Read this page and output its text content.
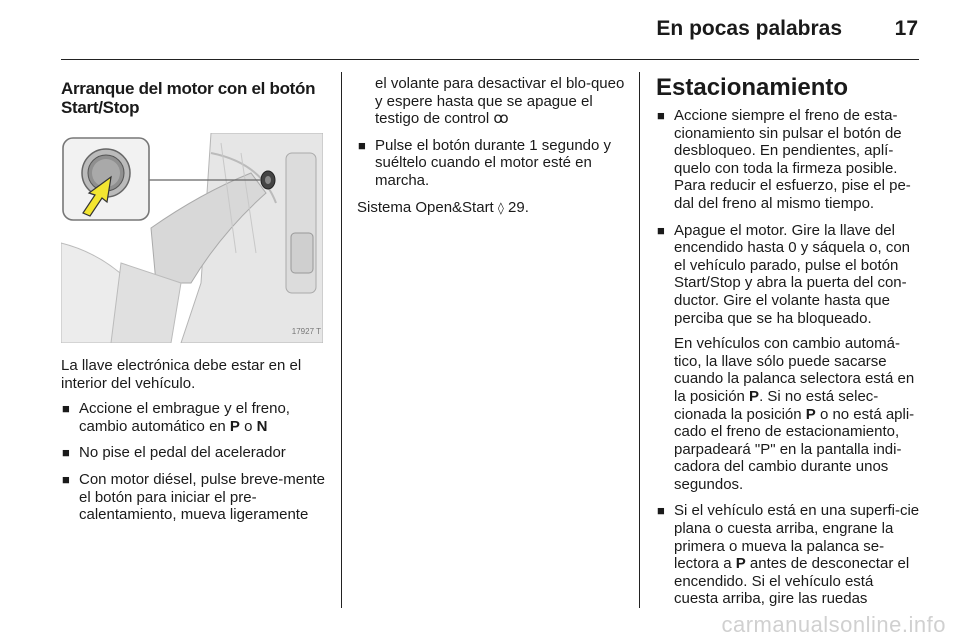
En pocas palabras	17
Arranque del motor con el botón Start/Stop
17927 T

La llave electrónica debe estar en el interior del vehículo.

■ Accione el embrague y el freno, cambio automático en P o N
■ No pise el pedal del acelerador
■ Con motor diésel, pulse breve-mente el botón para iniciar el pre-calentamiento, mueva ligeramente

el volante para desactivar el blo-queo y espere hasta que se apague el testigo de control ꝏ

■ Pulse el botón durante 1 segundo y suéltelo cuando el motor esté en marcha.

Sistema Open&Start ◊ 29.

Estacionamiento
■ Accione siempre el freno de esta-cionamiento sin pulsar el botón de desbloqueo. En pendientes, aplí-quelo con toda la firmeza posible. Para reducir el esfuerzo, pise el pe-dal del freno al mismo tiempo.
■ Apague el motor. Gire la llave del encendido hasta 0 y sáquela o, con el vehículo parado, pulse el botón Start/Stop y abra la puerta del con-ductor. Gire el volante hasta que perciba que se ha bloqueado.
En vehículos con cambio automá-tico, la llave sólo puede sacarse cuando la palanca selectora está en la posición P. Si no está selec-cionada la posición P o no está apli-cado el freno de estacionamiento, parpadeará "P" en la pantalla indi-cadora del cambio durante unos segundos.
■ Si el vehículo está en una superfi-cie plana o cuesta arriba, engrane la primera o mueva la palanca se-lectora a P antes de desconectar el encendido. Si el vehículo está cuesta arriba, gire las ruedas
carmanualsonline.info
